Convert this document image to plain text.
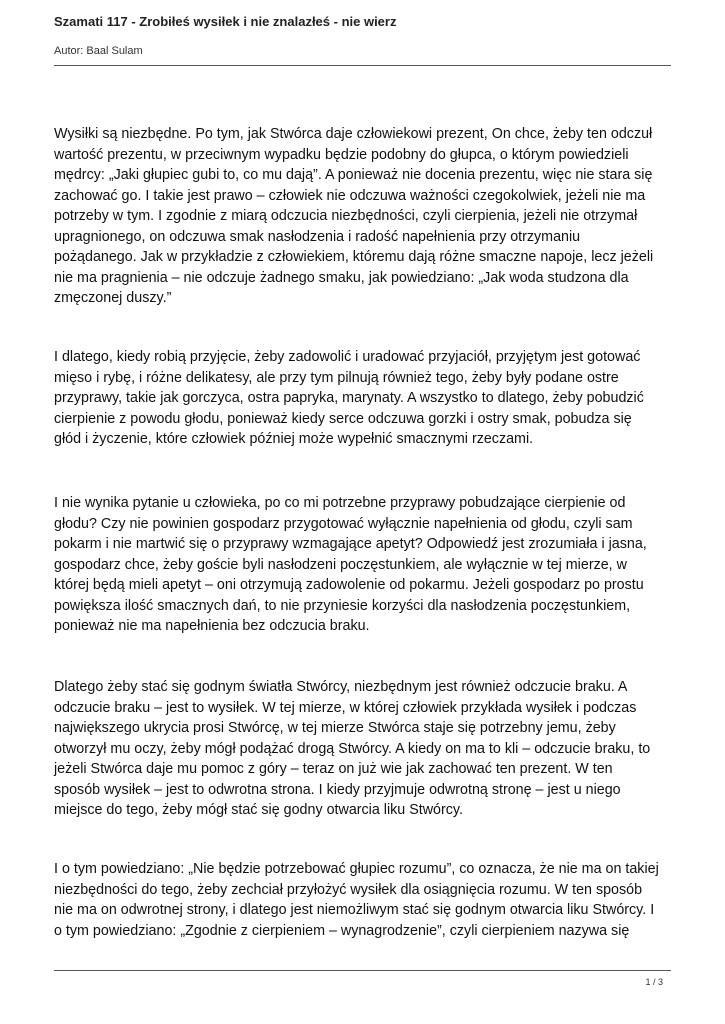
Szamati 117 - Zrobiłeś wysiłek i nie znalazłeś - nie wierz
Autor: Baal Sulam

Wysiłki są niezbędne. Po tym, jak Stwórca daje człowiekowi prezent, On chce, żeby ten odczuł
wartość prezentu, w przeciwnym wypadku będzie podobny do głupca, o którym powiedzieli
mędrcy: „Jaki głupiec gubi to, co mu dają”. A ponieważ nie docenia prezentu, więc nie stara się
zachować go. I takie jest prawo – człowiek nie odczuwa ważności czegokolwiek, jeżeli nie ma
potrzeby w tym. I zgodnie z miarą odczucia niezbędności, czyli cierpienia, jeżeli nie otrzymał
upragnionego, on odczuwa smak nasłodzenia i radość napełnienia przy otrzymaniu
pożądanego. Jak w przykładzie z człowiekiem, któremu dają różne smaczne napoje, lecz jeżeli
nie ma pragnienia – nie odczuje żadnego smaku, jak powiedziano: „Jak woda studzona dla
zmęczonej duszy.”

I dlatego, kiedy robią przyjęcie, żeby zadowolić i uradować przyjaciół, przyjętym jest gotować
mięso i rybę, i różne delikatesy, ale przy tym pilnują również tego, żeby były podane ostre
przyprawy, takie jak gorczyca, ostra papryka, marynaty. A wszystko to dlatego, żeby pobudzić
cierpienie z powodu głodu, ponieważ kiedy serce odczuwa gorzki i ostry smak, pobudza się
głód i życzenie, które człowiek później może wypełnić smacznymi rzeczami.

I nie wynika pytanie u człowieka, po co mi potrzebne przyprawy pobudzające cierpienie od
głodu? Czy nie powinien gospodarz przygotować wyłącznie napełnienia od głodu, czyli sam
pokarm i nie martwić się o przyprawy wzmagające apetyt? Odpowiedź jest zrozumiała i jasna,
gospodarz chce, żeby goście byli nasłodzeni poczęstunkiem, ale wyłącznie w tej mierze, w
której będą mieli apetyt – oni otrzymują zadowolenie od pokarmu. Jeżeli gospodarz po prostu
powiększa ilość smacznych dań, to nie przyniesie korzyści dla nasłodzenia poczęstunkiem,
ponieważ nie ma napełnienia bez odczucia braku.

Dlatego żeby stać się godnym światła Stwórcy, niezbędnym jest również odczucie braku. A
odczucie braku – jest to wysiłek. W tej mierze, w której człowiek przykłada wysiłek i podczas
największego ukrycia prosi Stwórcę, w tej mierze Stwórca staje się potrzebny jemu, żeby
otworzył mu oczy, żeby mógł podążać drogą Stwórcy. A kiedy on ma to kli – odczucie braku, to
jeżeli Stwórca daje mu pomoc z góry – teraz on już wie jak zachować ten prezent. W ten
sposób wysiłek – jest to odwrotna strona. I kiedy przyjmuje odwrotną stronę – jest u niego
miejsce do tego, żeby mógł stać się godny otwarcia liku Stwórcy.

I o tym powiedziano: „Nie będzie potrzebować głupiec rozumu”, co oznacza, że nie ma on takiej
niezbędności do tego, żeby zechciał przyłożyć wysiłek dla osiągnięcia rozumu. W ten sposób
nie ma on odwrotnej strony, i dlatego jest niemożliwym stać się godnym otwarcia liku Stwórcy. I
o tym powiedziano: „Zgodnie z cierpieniem – wynagrodzenie”, czyli cierpieniem nazywa się

1 / 3
